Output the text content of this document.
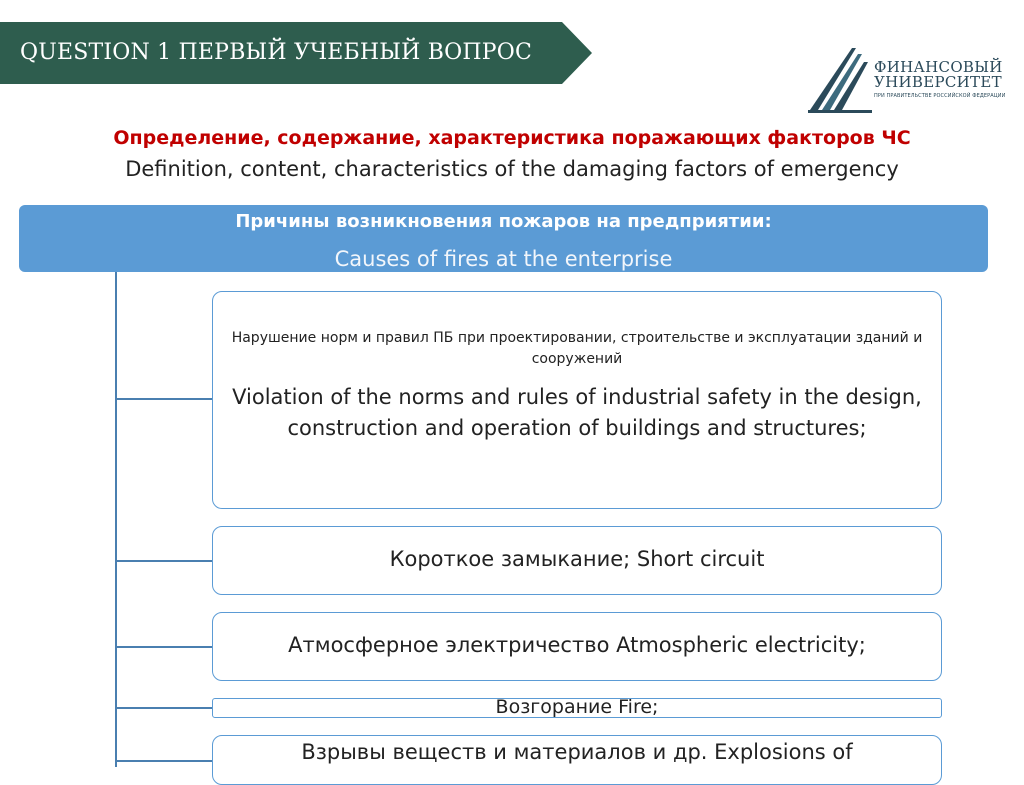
QUESTION 1 ПЕРВЫЙ УЧЕБНЫЙ ВОПРОС
ФИНАНСОВЫЙ
УНИВЕРСИТЕТ
ПРИ ПРАВИТЕЛЬСТВЕ РОССИЙСКОЙ ФЕДЕРАЦИИ
Определение, содержание, характеристика поражающих факторов ЧС
Definition, content, characteristics of the damaging factors of emergency
Причины возникновения пожаров на предприятии:
Causes of fires at the enterprise
Нарушение норм и правил ПБ при проектировании, строительстве и эксплуатации зданий и сооружений
Violation of the norms and rules of industrial safety in the design, construction and operation of buildings and structures;
Короткое замыкание; Short circuit
Атмосферное электричество Atmospheric electricity;
Возгорание Fire;
Взрывы веществ и материалов и др. Explosions of
